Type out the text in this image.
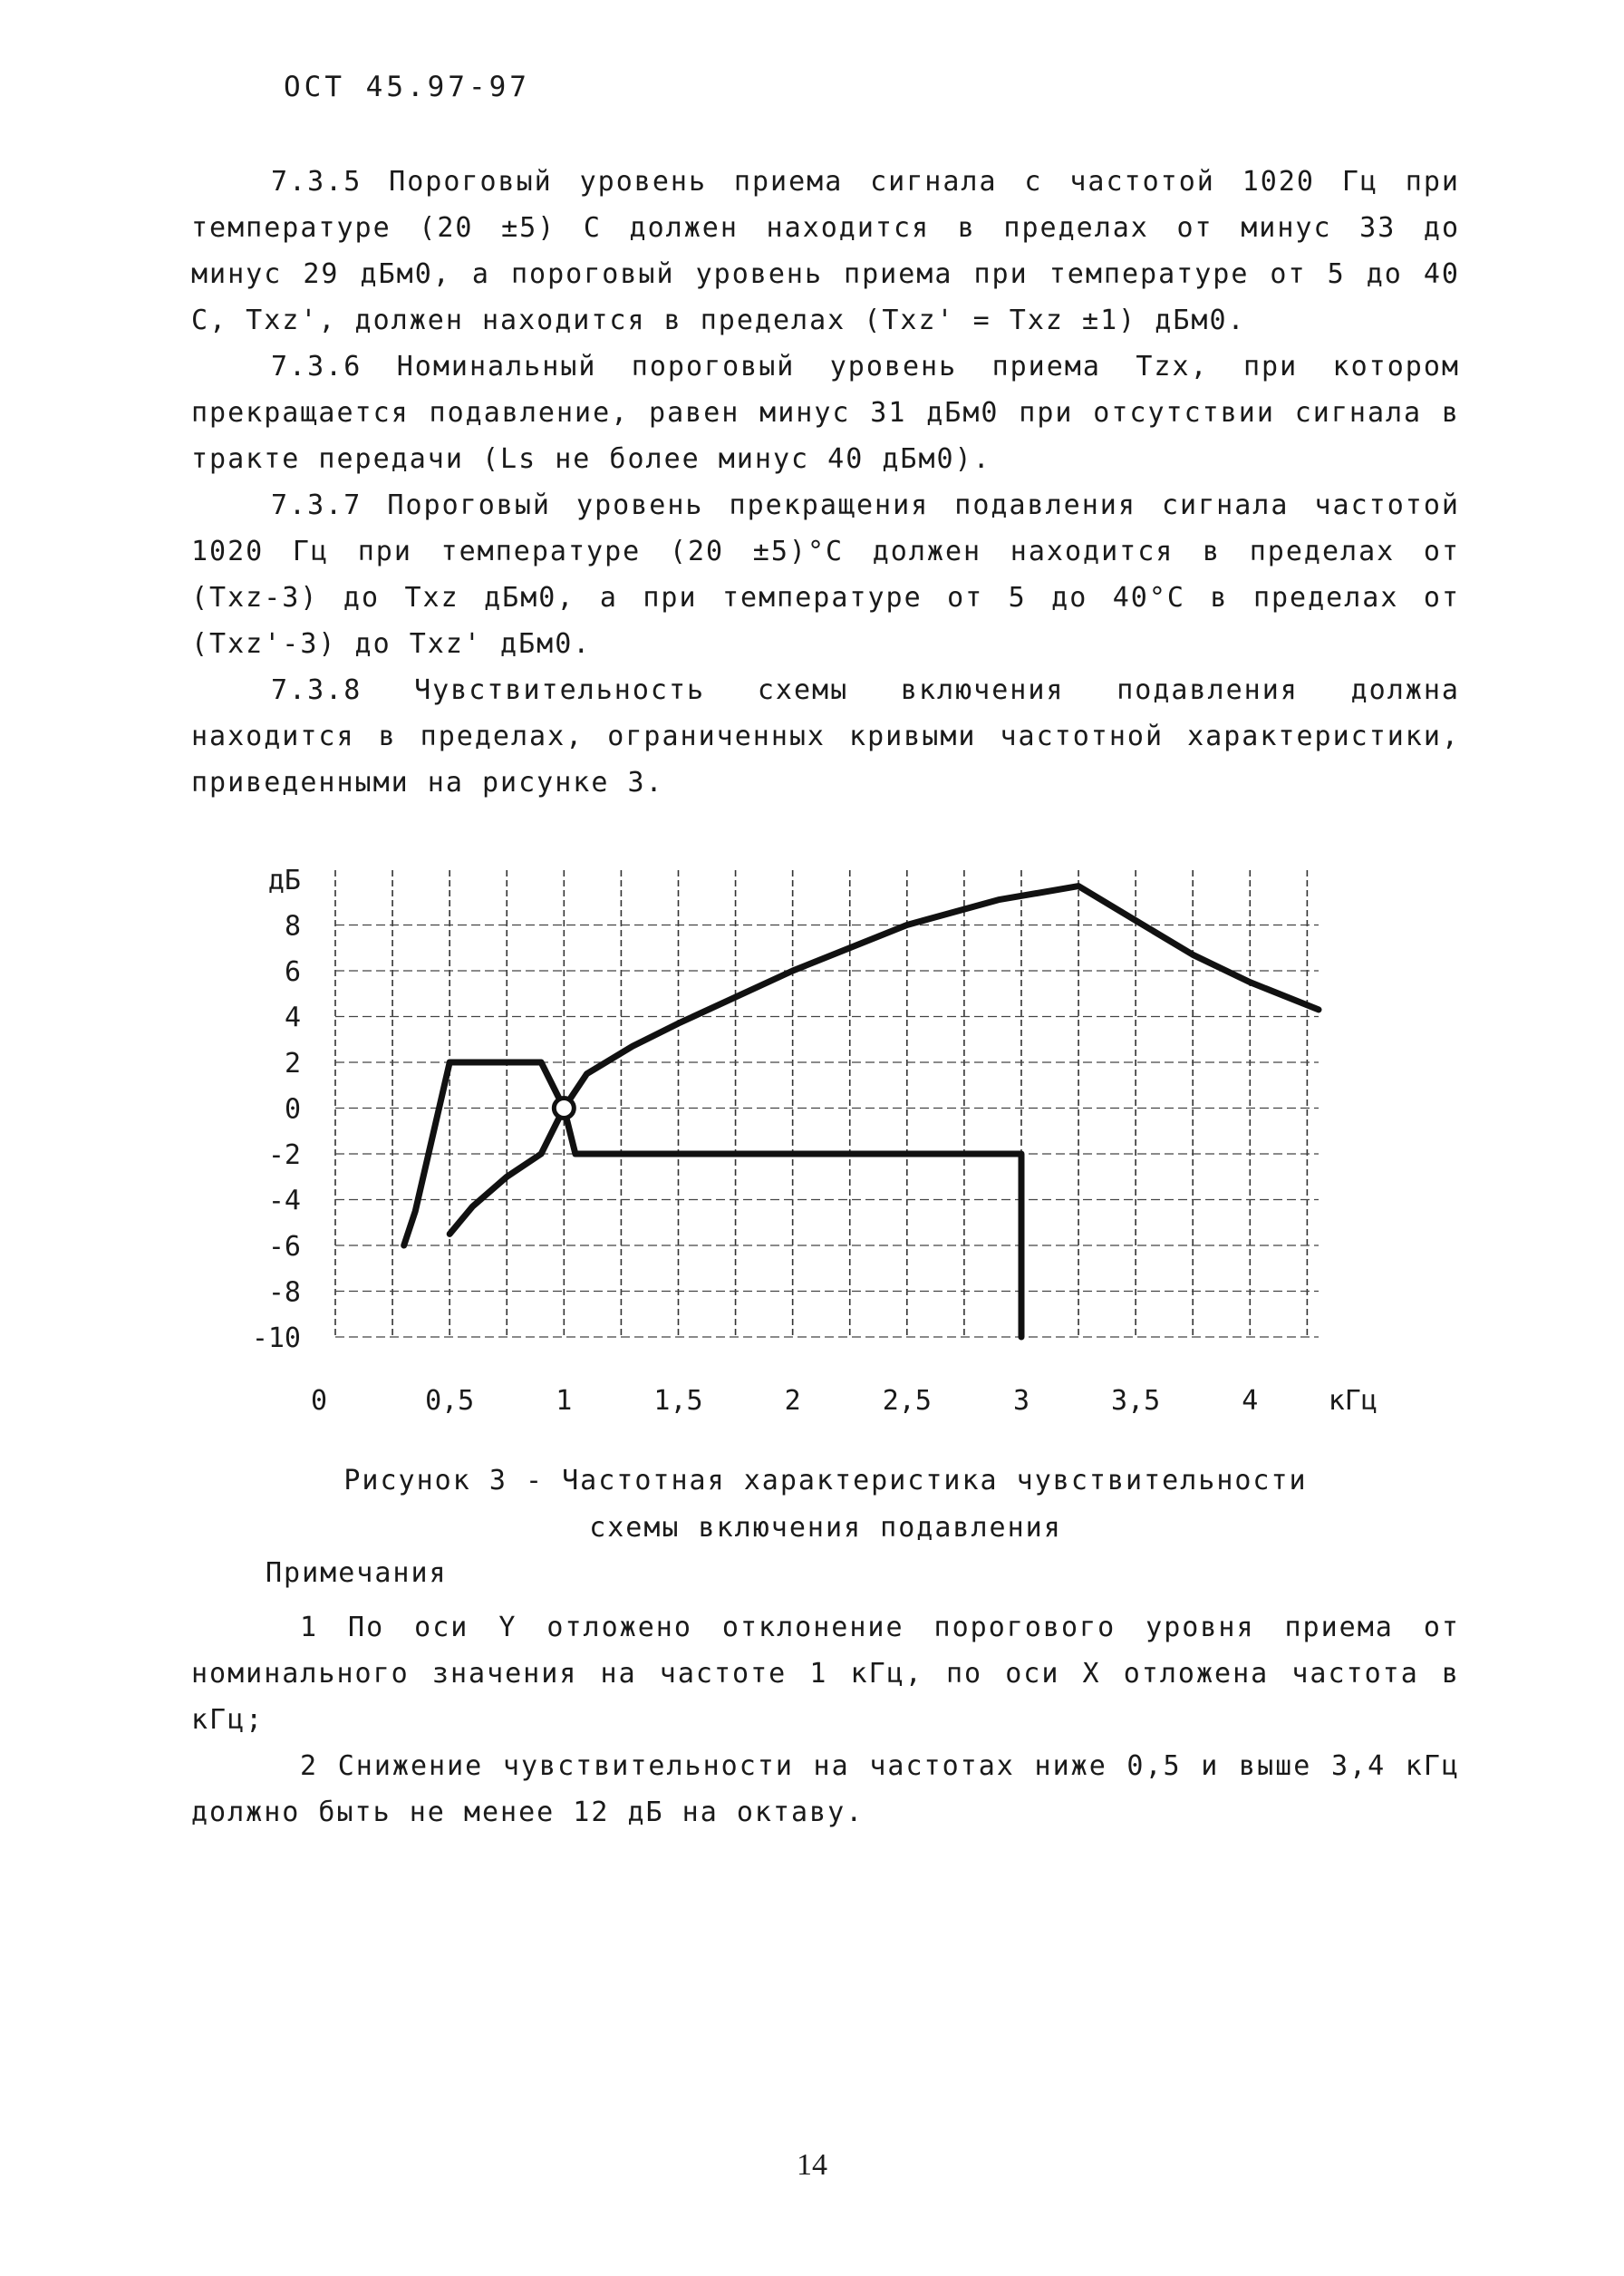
ОСТ 45.97-97

7.3.5 Пороговый уровень приема сигнала с частотой 1020 Гц при температуре (20 ±5) С должен находится в пределах от минус 33 до минус 29 дБм0, а пороговый уровень приема при температуре от 5 до 40 С, Txz', должен находится в пределах (Txz' = Txz ±1) дБм0.

7.3.6 Номинальный пороговый уровень приема Tzx, при котором прекращается подавление, равен минус 31 дБм0 при отсутствии сигнала в тракте передачи (Ls не более минус 40 дБм0).

7.3.7 Пороговый уровень прекращения подавления сигнала частотой 1020 Гц при температуре (20 ±5)°С должен находится в пределах от (Txz-3) до Txz дБм0, а при температуре от 5 до 40°С в пределах от (Txz'-3) до Txz' дБм0.

7.3.8 Чувствительность схемы включения подавления должна находится в пределах, ограниченных кривыми частотной характеристики, приведенными на рисунке 3.

дБ
8
6
4
2
0
-2
-4
-6
-8
-10
0	0,5	1	1,5	2	2,5	3	3,5	4	кГц
Рисунок 3 - Частотная характеристика чувствительности
схемы включения подавления
Примечания

1 По оси Y отложено отклонение порогового уровня приема от номинального значения на частоте 1 кГц, по оси X отложена частота в кГц;

2 Снижение чувствительности на частотах ниже 0,5 и выше 3,4 кГц должно быть не менее 12 дБ на октаву.

14
